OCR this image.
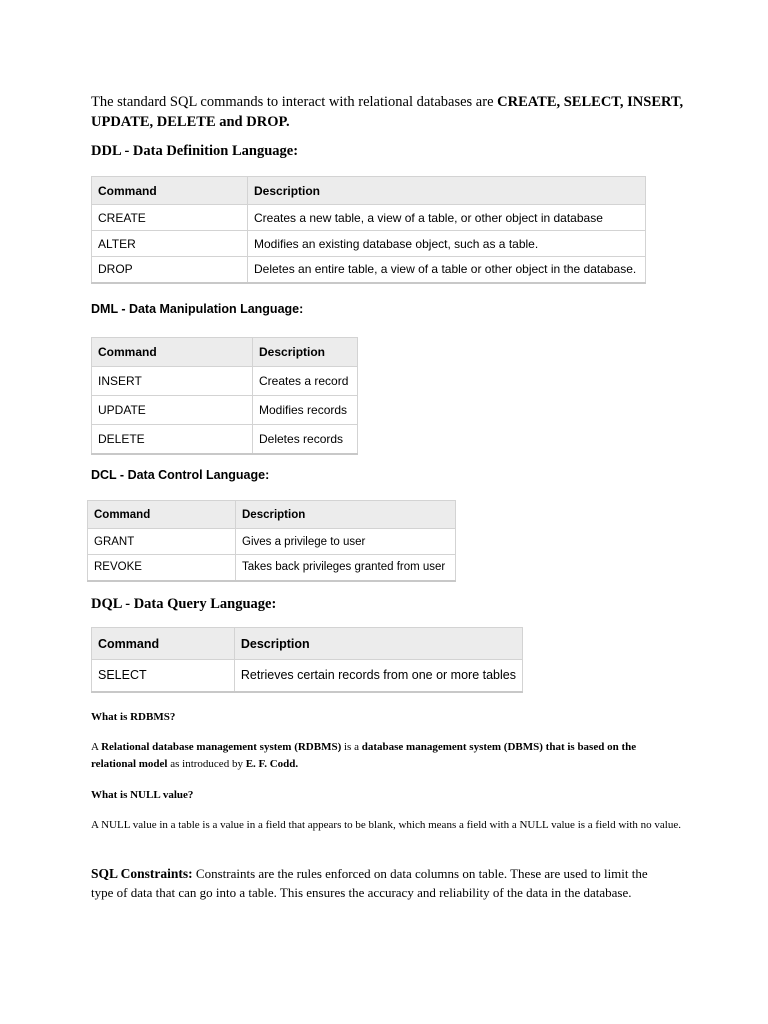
The standard SQL commands to interact with relational databases are CREATE, SELECT, INSERT, UPDATE, DELETE and DROP.
DDL - Data Definition Language:
Command	Description
CREATE	Creates a new table, a view of a table, or other object in database
ALTER	Modifies an existing database object, such as a table.
DROP	Deletes an entire table, a view of a table or other object in the database.
DML - Data Manipulation Language:
Command	Description
INSERT	Creates a record
UPDATE	Modifies records
DELETE	Deletes records
DCL - Data Control Language:
Command	Description
GRANT	Gives a privilege to user
REVOKE	Takes back privileges granted from user
DQL - Data Query Language:
Command	Description
SELECT	Retrieves certain records from one or more tables
What is RDBMS?
A Relational database management system (RDBMS) is a database management system (DBMS) that is based on the relational model as introduced by E. F. Codd.
What is NULL value?
A NULL value in a table is a value in a field that appears to be blank, which means a field with a NULL value is a field with no value.
SQL Constraints: Constraints are the rules enforced on data columns on table. These are used to limit the type of data that can go into a table. This ensures the accuracy and reliability of the data in the database.
